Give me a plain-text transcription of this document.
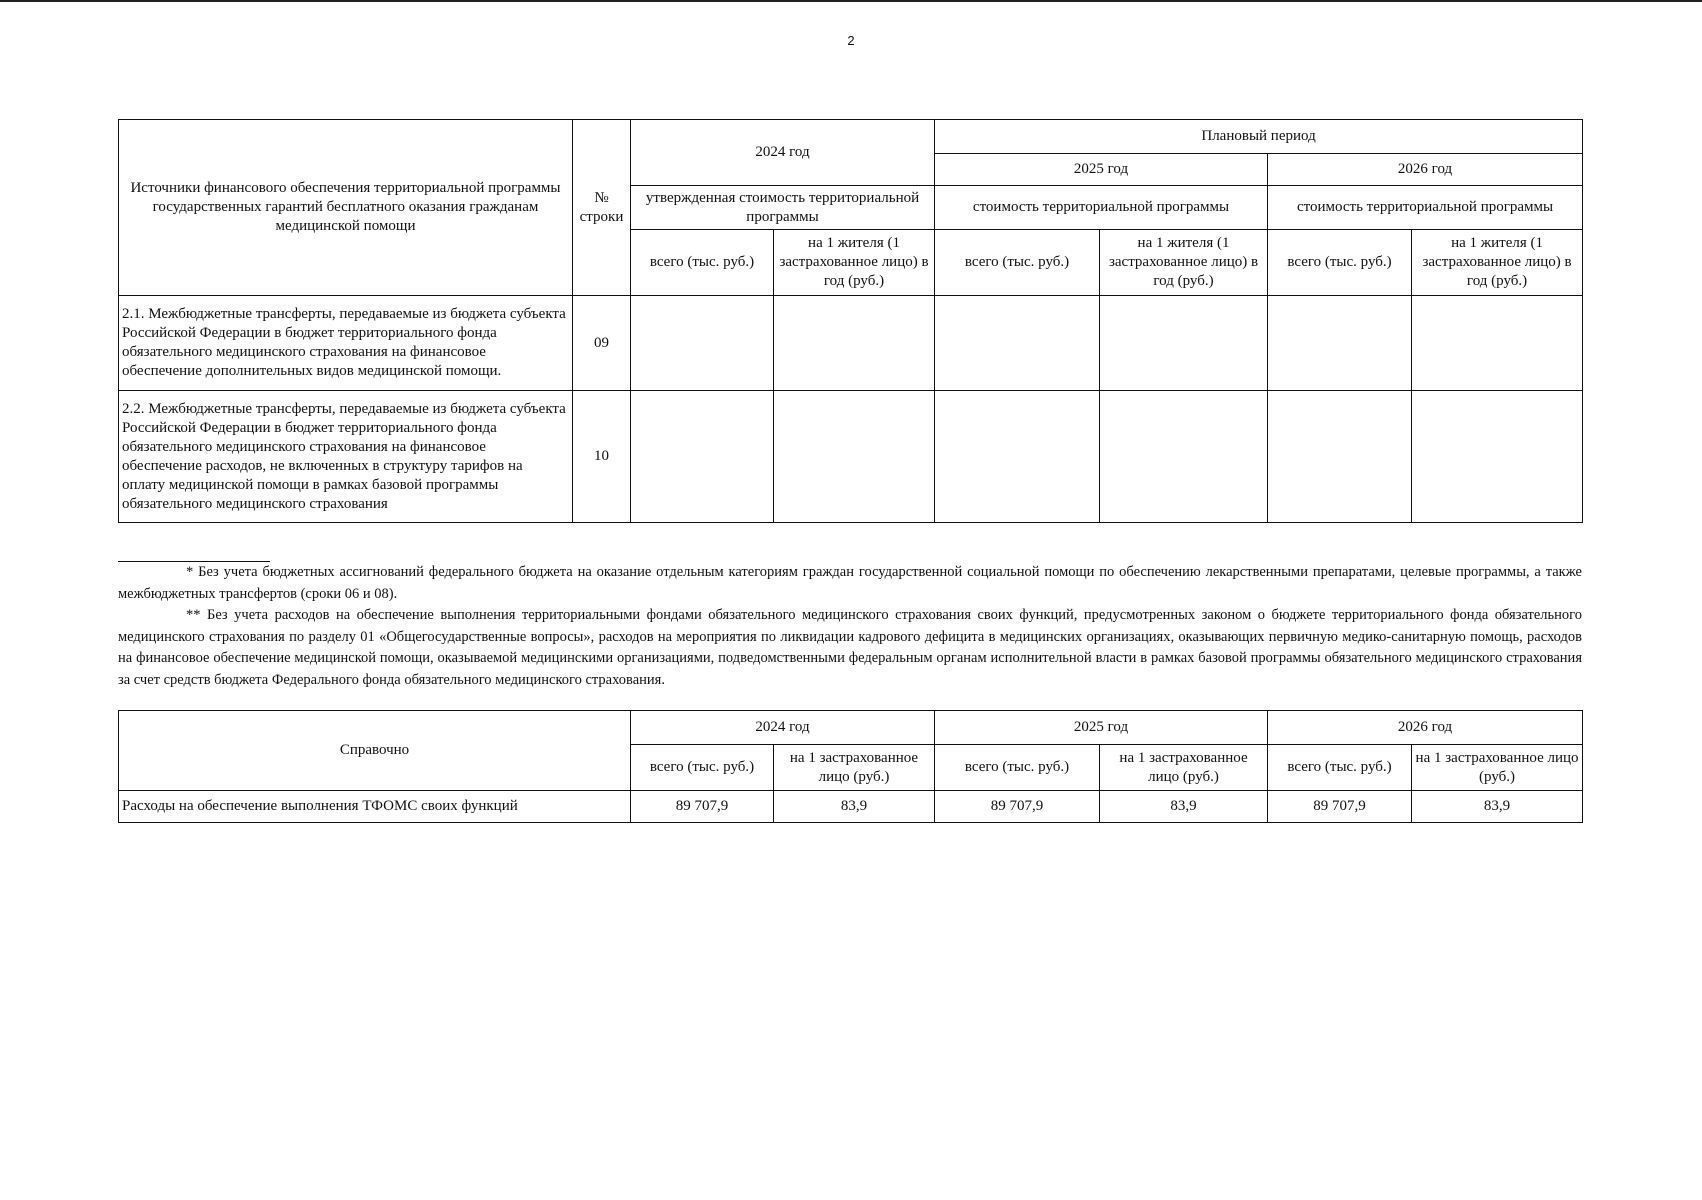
2
Источники финансового обеспечения территориальной программы государственных гарантий бесплатного оказания гражданам медицинской помощи	№ строки	2024 год		Плановый период			
				2025 год		2026 год	
		утвержденная стоимость территориальной программы		стоимость территориальной программы		стоимость территориальной программы	
		всего (тыс. руб.)	на 1 жителя (1 застрахованное лицо) в год (руб.)	всего (тыс. руб.)	на 1 жителя (1 застрахованное лицо) в год (руб.)	всего (тыс. руб.)	на 1 жителя (1 застрахованное лицо) в год (руб.)
2.1. Межбюджетные трансферты, передаваемые из бюджета субъекта Российской Федерации в бюджет территориального фонда обязательного медицинского страхования на финансовое обеспечение дополнительных видов медицинской помощи.	09						
2.2. Межбюджетные трансферты, передаваемые из бюджета субъекта Российской Федерации в бюджет территориального фонда обязательного медицинского страхования на финансовое обеспечение расходов, не включенных в структуру тарифов на оплату медицинской помощи в рамках базовой программы обязательного медицинского страхования	10						

* Без учета бюджетных ассигнований федерального бюджета на оказание отдельным категориям граждан государственной социальной помощи по обеспечению лекарственными препаратами, целевые программы, а также межбюджетных трансфертов (сроки 06 и 08).

** Без учета расходов на обеспечение выполнения территориальными фондами обязательного медицинского страхования своих функций, предусмотренных законом о бюджете территориального фонда обязательного медицинского страхования по разделу 01 «Общегосударственные вопросы», расходов на мероприятия по ликвидации кадрового дефицита в медицинских организациях, оказывающих первичную медико-санитарную помощь, расходов на финансовое обеспечение медицинской помощи, оказываемой медицинскими организациями, подведомственными федеральным органам исполнительной власти в рамках базовой программы обязательного медицинского страхования за счет средств бюджета Федерального фонда обязательного медицинского страхования.

Справочно	2024 год		2025 год		2026 год	
	всего (тыс. руб.)	на 1 застрахованное лицо (руб.)	всего (тыс. руб.)	на 1 застрахованное лицо (руб.)	всего (тыс. руб.)	на 1 застрахованное лицо (руб.)
Расходы на обеспечение выполнения ТФОМС своих функций	89 707,9	83,9	89 707,9	83,9	89 707,9	83,9
